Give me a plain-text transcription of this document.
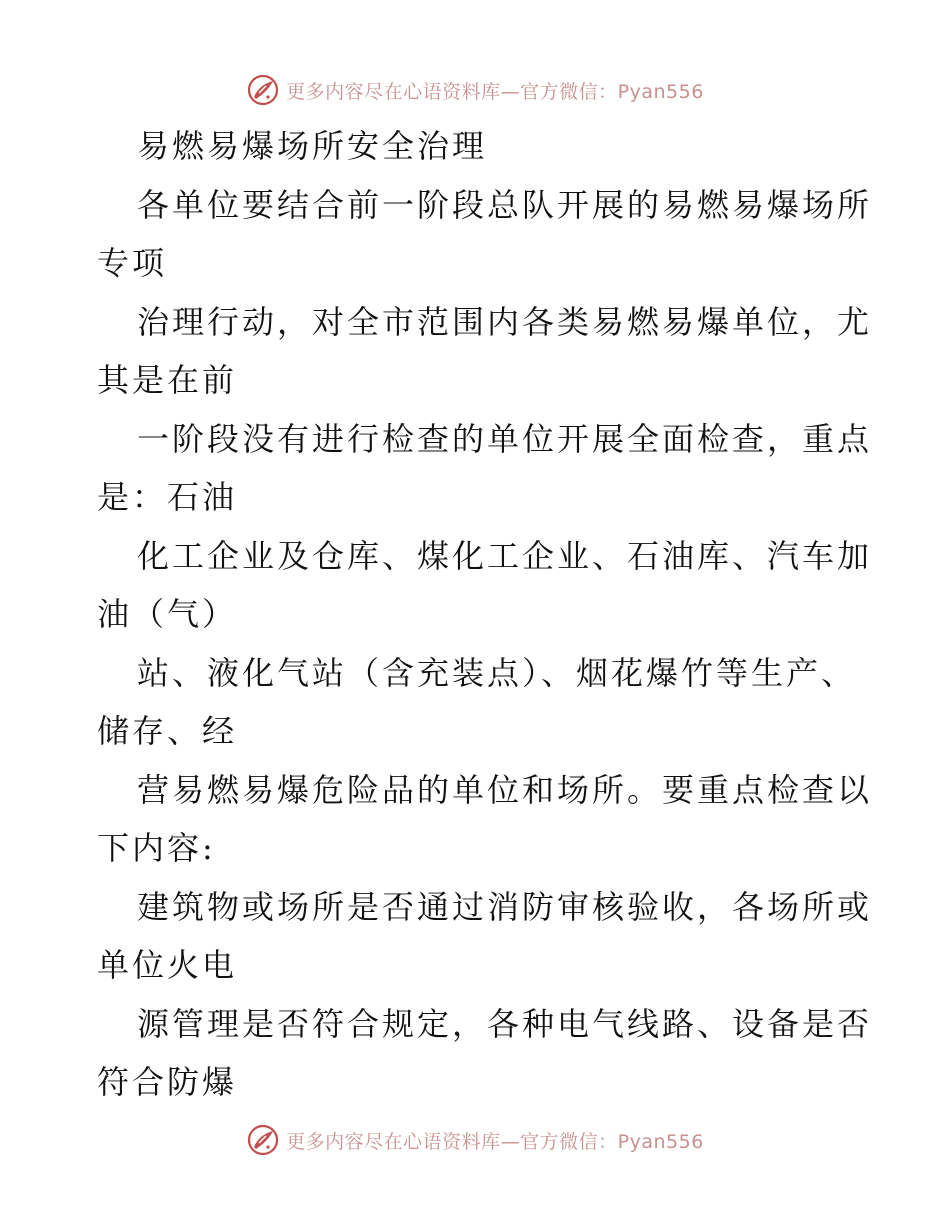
更多内容尽在心语资料库—官方微信：Pyan556
易燃易爆场所安全治理
各单位要结合前一阶段总队开展的易燃易爆场所
专项
治理行动，对全市范围内各类易燃易爆单位，尤
其是在前
一阶段没有进行检查的单位开展全面检查，重点
是：石油
化工企业及仓库、煤化工企业、石油库、汽车加
油（气）
站、液化气站（含充装点）、烟花爆竹等生产、
储存、经
营易燃易爆危险品的单位和场所。要重点检查以
下内容:
建筑物或场所是否通过消防审核验收，各场所或
单位火电
源管理是否符合规定，各种电气线路、设备是否
符合防爆
更多内容尽在心语资料库—官方微信：Pyan556
